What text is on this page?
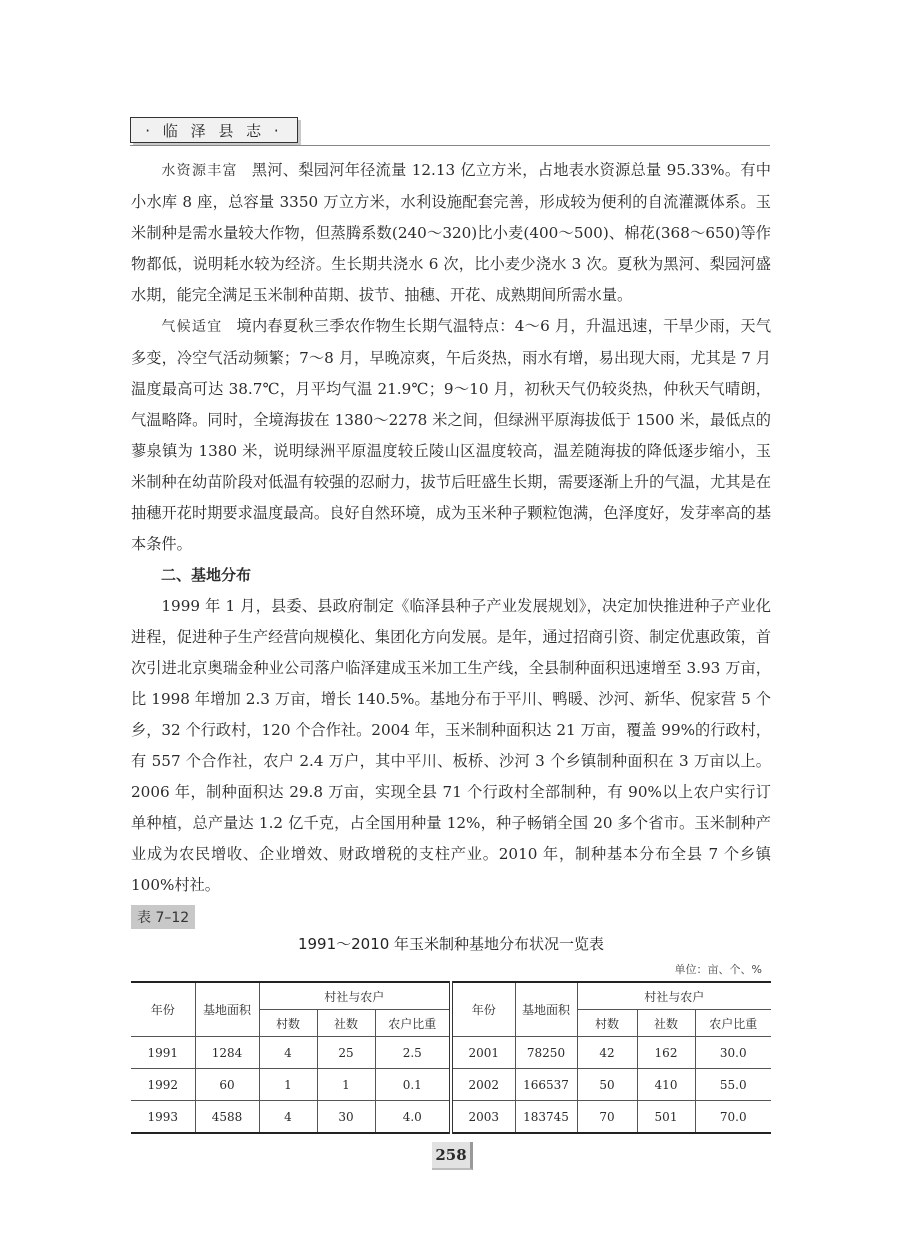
· 临 泽 县 志 ·

水资源丰富 黑河、梨园河年径流量 12.13 亿立方米，占地表水资源总量 95.33%。有中小水库 8 座，总容量 3350 万立方米，水利设施配套完善，形成较为便利的自流灌溉体系。玉米制种是需水量较大作物，但蒸腾系数(240～320)比小麦(400～500)、棉花(368～650)等作物都低，说明耗水较为经济。生长期共浇水 6 次，比小麦少浇水 3 次。夏秋为黑河、梨园河盛水期，能完全满足玉米制种苗期、拔节、抽穗、开花、成熟期间所需水量。

气候适宜 境内春夏秋三季农作物生长期气温特点：4～6 月，升温迅速，干旱少雨，天气多变，冷空气活动频繁；7～8 月，早晚凉爽，午后炎热，雨水有增，易出现大雨，尤其是 7 月温度最高可达 38.7℃，月平均气温 21.9℃；9～10 月，初秋天气仍较炎热，仲秋天气晴朗，气温略降。同时，全境海拔在 1380～2278 米之间，但绿洲平原海拔低于 1500 米，最低点的蓼泉镇为 1380 米，说明绿洲平原温度较丘陵山区温度较高，温差随海拔的降低逐步缩小，玉米制种在幼苗阶段对低温有较强的忍耐力，拔节后旺盛生长期，需要逐渐上升的气温，尤其是在抽穗开花时期要求温度最高。良好自然环境，成为玉米种子颗粒饱满，色泽度好，发芽率高的基本条件。

二、基地分布

1999 年 1 月，县委、县政府制定《临泽县种子产业发展规划》，决定加快推进种子产业化进程，促进种子生产经营向规模化、集团化方向发展。是年，通过招商引资、制定优惠政策，首次引进北京奥瑞金种业公司落户临泽建成玉米加工生产线，全县制种面积迅速增至 3.93 万亩，比 1998 年增加 2.3 万亩，增长 140.5%。基地分布于平川、鸭暖、沙河、新华、倪家营 5 个乡，32 个行政村，120 个合作社。2004 年，玉米制种面积达 21 万亩，覆盖 99%的行政村，有 557 个合作社，农户 2.4 万户，其中平川、板桥、沙河 3 个乡镇制种面积在 3 万亩以上。2006 年，制种面积达 29.8 万亩，实现全县 71 个行政村全部制种，有 90%以上农户实行订单种植，总产量达 1.2 亿千克，占全国用种量 12%，种子畅销全国 20 多个省市。玉米制种产业成为农民增收、企业增效、财政增税的支柱产业。2010 年，制种基本分布全县 7 个乡镇 100%村社。

表 7–12
1991～2010 年玉米制种基地分布状况一览表
单位：亩、个、%
年份	基地面积	村社与农户			年份	基地面积	村社与农户		
		村数	社数	农户比重			村数	社数	农户比重
1991	1284	4	25	2.5	2001	78250	42	162	30.0
1992	60	1	1	0.1	2002	166537	50	410	55.0
1993	4588	4	30	4.0	2003	183745	70	501	70.0
258
